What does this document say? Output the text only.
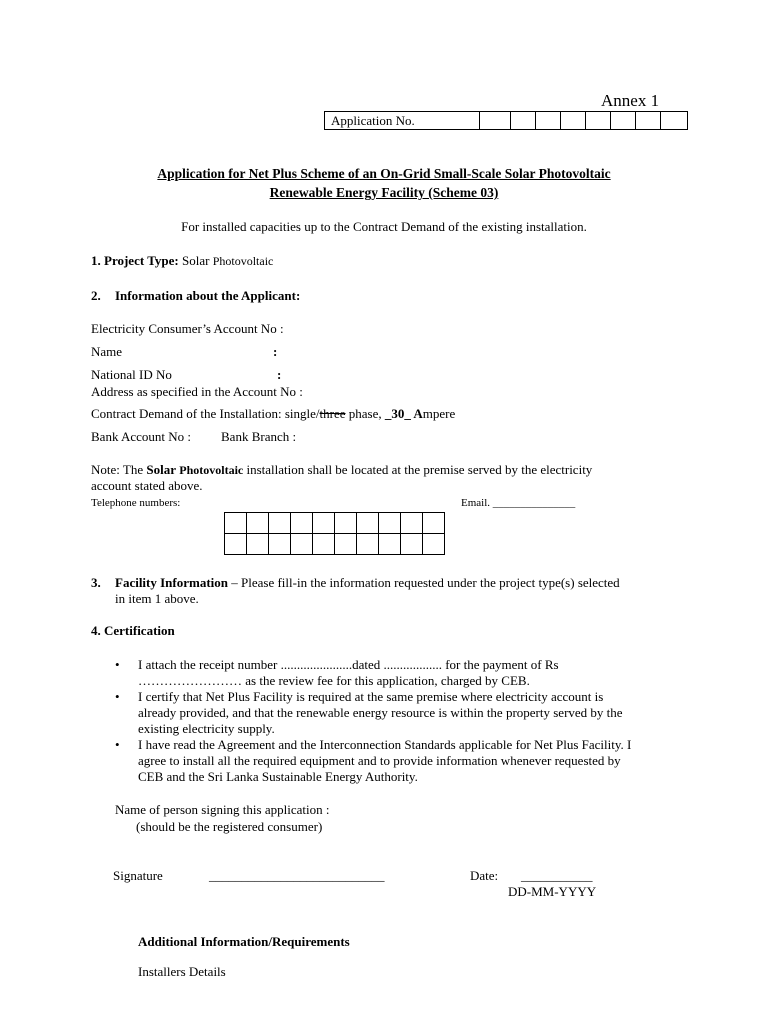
Annex 1
Application No.								
Application for Net Plus Scheme of an On-Grid Small-Scale Solar Photovoltaic
Renewable Energy Facility (Scheme 03)
For installed capacities up to the Contract Demand of the existing installation.
1. Project Type: Solar Photovoltaic
2. Information about the Applicant:
Electricity Consumer’s Account No :
Name	:
National ID No	:
Address as specified in the Account No :
Contract Demand of the Installation: single/three phase, _30_ Ampere
Bank Account No : Bank Branch :
Note: The Solar Photovoltaic installation shall be located at the premise served by the electricity
account stated above.
Telephone numbers:	Email. _______________

3. Facility Information – Please fill-in the information requested under the project type(s) selected
in item 1 above.
4. Certification
• I attach the receipt number ......................dated .................. for the payment of Rs
…………………… as the review fee for this application, charged by CEB.
• I certify that Net Plus Facility is required at the same premise where electricity account is
already provided, and that the renewable energy resource is within the property served by the
existing electricity supply.
• I have read the Agreement and the Interconnection Standards applicable for Net Plus Facility. I
agree to install all the required equipment and to provide information whenever requested by
CEB and the Sri Lanka Sustainable Energy Authority.
Name of person signing this application :
(should be the registered consumer)
Signature	___________________________	Date: ___________
DD-MM-YYYY
Additional Information/Requirements
Installers Details
